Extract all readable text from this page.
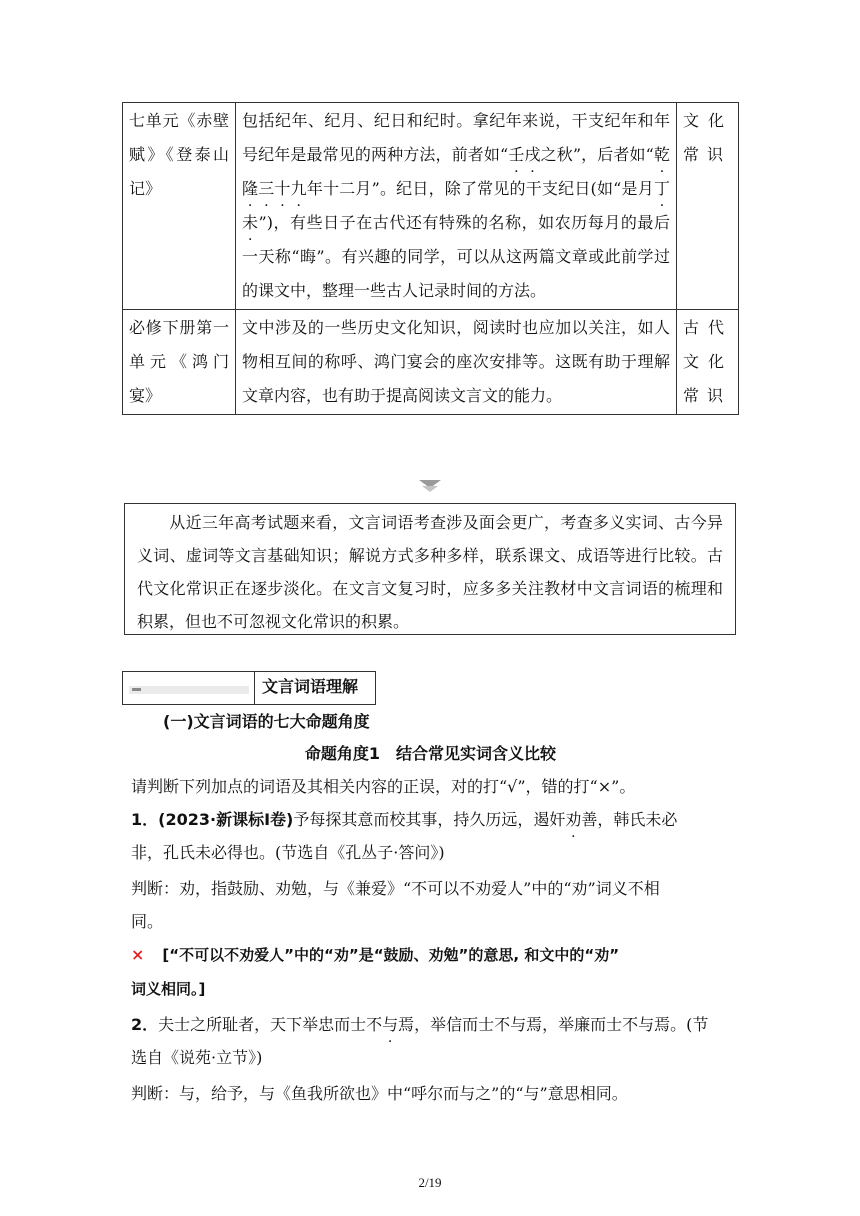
七单元《赤壁赋》《登泰山记》	包括纪年、纪月、纪日和纪时。拿纪年来说，干支纪年和年号纪年是最常见的两种方法，前者如“壬戌之秋”，后者如“乾隆三十九年十二月”。纪日，除了常见的干支纪日(如“是月丁未”)，有些日子在古代还有特殊的名称，如农历每月的最后一天称“晦”。有兴趣的同学，可以从这两篇文章或此前学过的课文中，整理一些古人记录时间的方法。	文化常识
必修下册第一单元《鸿门宴》	文中涉及的一些历史文化知识，阅读时也应加以关注，如人物相互间的称呼、鸿门宴会的座次安排等。这既有助于理解文章内容，也有助于提高阅读文言文的能力。	古代文化常识
从近三年高考试题来看，文言词语考查涉及面会更广，考查多义实词、古今异义词、虚词等文言基础知识；解说方式多种多样，联系课文、成语等进行比较。古代文化常识正在逐步淡化。在文言文复习时，应多多关注教材中文言词语的梳理和积累，但也不可忽视文化常识的积累。
文言词语理解
(一)文言词语的七大命题角度
命题角度1　结合常见实词含义比较
请判断下列加点的词语及其相关内容的正误，对的打“√”，错的打“×”。
1．(2023·新课标Ⅰ卷)予每探其意而校其事，持久历远，遏奸劝善，韩氏未必
非，孔氏未必得也。(节选自《孔丛子·答问》)
判断：劝，指鼓励、劝勉，与《兼爱》“不可以不劝爱人”中的“劝”词义不相
同。
× [“不可以不劝爱人”中的“劝”是“鼓励、劝勉”的意思, 和文中的“劝”
词义相同。]
2．夫士之所耻者，天下举忠而士不与焉，举信而士不与焉，举廉而士不与焉。(节
选自《说苑·立节》)
判断：与，给予，与《鱼我所欲也》中“呼尔而与之”的“与”意思相同。
2/19
